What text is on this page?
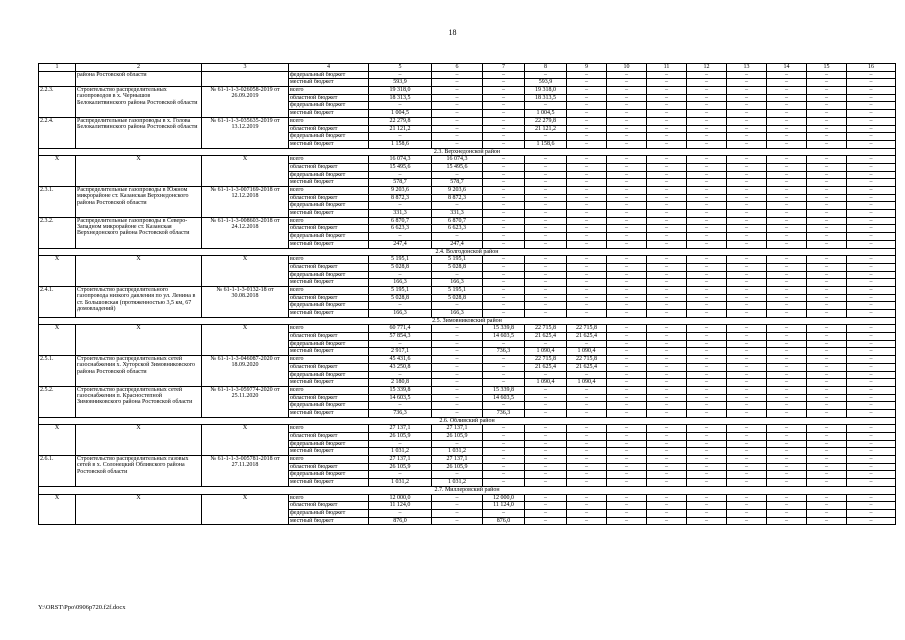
18
1	2	3	4	5	6	7	8	9	10	11	12	13	14	15	16
	района Ростовской области		федеральный бюджет	–	–	–	–	–	–	–	–	–	–	–	–
			местный бюджет	593,9	–	–	593,9	–	–	–	–	–	–	–	–
2.2.3.	Строительство распределительных газопроводов в х. Чернышов Белокалитвинского района Ростовской области	№ 61-1-1-3-026058-2019 от 26.09.2019	всего	19 318,0	–	–	19 318,0	–	–	–	–	–	–	–	–
			областной бюджет	18 313,5	–	–	18 313,5	–	–	–	–	–	–	–	–
			федеральный бюджет	–	–	–	–	–	–	–	–	–	–	–	–
			местный бюджет	1 004,5	–	–	1 004,5	–	–	–	–	–	–	–	–
2.2.4.	Распределительные газопроводы в х. Голова Белокалитвинского района Ростовской области	№ 61-1-1-3-035635-2019 от 13.12.2019	всего	22 279,8	–	–	22 279,8	–	–	–	–	–	–	–	–
			областной бюджет	21 121,2	–	–	21 121,2	–	–	–	–	–	–	–	–
			федеральный бюджет	–	–	–	–	–	–	–	–	–	–	–	–
			местный бюджет	1 158,6	–	–	1 158,6	–	–	–	–	–	–	–	–
2.3. Верхнедонской район															
X	X	X	всего	16 074,3	16 074,3	–	–	–	–	–	–	–	–	–	–
			областной бюджет	15 495,6	15 495,6	–	–	–	–	–	–	–	–	–	–
			федеральный бюджет	–	–	–	–	–	–	–	–	–	–	–	–
			местный бюджет	578,7	578,7	–	–	–	–	–	–	–	–	–	–
2.3.1.	Распределительные газопроводы в Южном микрорайоне ст. Казанская Верхнедонского района Ростовской области	№ 61-1-1-3-007169-2018 от 12.12.2018	всего	9 203,6	9 203,6	–	–	–	–	–	–	–	–	–	–
			областной бюджет	8 872,3	8 872,3	–	–	–	–	–	–	–	–	–	–
			федеральный бюджет	–	–	–	–	–	–	–	–	–	–	–	–
			местный бюджет	331,3	331,3	–	–	–	–	–	–	–	–	–	–
2.3.2.	Распределительные газопроводы в Северо-Западном микрорайоне ст. Казанская Верхнедонского района Ростовской области	№ 61-1-1-3-008603-2018 от 24.12.2018	всего	6 870,7	6 870,7	–	–	–	–	–	–	–	–	–	–
			областной бюджет	6 623,3	6 623,3	–	–	–	–	–	–	–	–	–	–
			федеральный бюджет	–	–	–	–	–	–	–	–	–	–	–	–
			местный бюджет	247,4	247,4	–	–	–	–	–	–	–	–	–	–
2.4. Волгодонской район															
X	X	X	всего	5 195,1	5 195,1	–	–	–	–	–	–	–	–	–	–
			областной бюджет	5 028,8	5 028,8	–	–	–	–	–	–	–	–	–	–
			федеральный бюджет	–	–	–	–	–	–	–	–	–	–	–	–
			местный бюджет	166,3	166,3	–	–	–	–	–	–	–	–	–	–
2.4.1.	Строительство распределительного газопровода низкого давления по ул. Ленина в ст. Большовская (протяженностью 3,5 км, 67 домовладений)	№ 61-1-1-3-0132-18 от 30.08.2018	всего	5 195,1	5 195,1	–	–	–	–	–	–	–	–	–	–
			областной бюджет	5 028,8	5 028,8	–	–	–	–	–	–	–	–	–	–
			федеральный бюджет	–	–	–	–	–	–	–	–	–	–	–	–
			местный бюджет	166,3	166,3	–	–	–	–	–	–	–	–	–	–
2.5. Зимовниковский район															
X	X	X	всего	60 771,4	–	15 339,8	22 715,8	22 715,8	–	–	–	–	–	–	–
			областной бюджет	57 854,3	–	14 603,5	21 625,4	21 625,4	–	–	–	–	–	–	–
			федеральный бюджет	–	–	–	–	–	–	–	–	–	–	–	–
			местный бюджет	2 917,1	–	736,3	1 090,4	1 090,4	–	–	–	–	–	–	–
2.5.1.	Строительство распределительных сетей газоснабжения х. Хуторской Зимовниковского района Ростовской области	№ 61-1-1-3-046087-2020 от 18.09.2020	всего	45 431,6	–	–	22 715,8	22 715,8	–	–	–	–	–	–	–
			областной бюджет	43 250,8	–	–	21 625,4	21 625,4	–	–	–	–	–	–	–
			федеральный бюджет	–	–	–	–	–	–	–	–	–	–	–	–
			местный бюджет	2 180,8	–	–	1 090,4	1 090,4	–	–	–	–	–	–	–
2.5.2.	Строительство распределительных сетей газоснабжения п. Красностепной Зимовниковского района Ростовской области	№ 61-1-1-3-059774-2020 от 25.11.2020	всего	15 339,8	–	15 339,8	–	–	–	–	–	–	–	–	–
			областной бюджет	14 603,5	–	14 603,5	–	–	–	–	–	–	–	–	–
			федеральный бюджет	–	–	–	–	–	–	–	–	–	–	–	–
			местный бюджет	736,3	–	736,3	–	–	–	–	–	–	–	–	–
2.6. Обливский район															
X	X	X	всего	27 137,1	27 137,1	–	–	–	–	–	–	–	–	–	–
			областной бюджет	26 105,9	26 105,9	–	–	–	–	–	–	–	–	–	–
			федеральный бюджет	–	–	–	–	–	–	–	–	–	–	–	–
			местный бюджет	1 031,2	1 031,2	–	–	–	–	–	–	–	–	–	–
2.6.1.	Строительство распределительных газовых сетей в х. Солонецкий Обливского района Ростовской области	№ 61-1-1-3-005781-2018 от 27.11.2018	всего	27 137,1	27 137,1	–	–	–	–	–	–	–	–	–	–
			областной бюджет	26 105,9	26 105,9	–	–	–	–	–	–	–	–	–	–
			федеральный бюджет	–	–	–	–	–	–	–	–	–	–	–	–
			местный бюджет	1 031,2	1 031,2	–	–	–	–	–	–	–	–	–	–
2.7. Миллеровский район															
X	X	X	всего	12 000,0	–	12 000,0	–	–	–	–	–	–	–	–	–
			областной бюджет	11 124,0	–	11 124,0	–	–	–	–	–	–	–	–	–
			федеральный бюджет	–	–	–	–	–	–	–	–	–	–	–	–
			местный бюджет	876,0	–	876,0	–	–	–	–	–	–	–	–	–
Y:\ORST\Ppo\0906p720.f2f.docx
